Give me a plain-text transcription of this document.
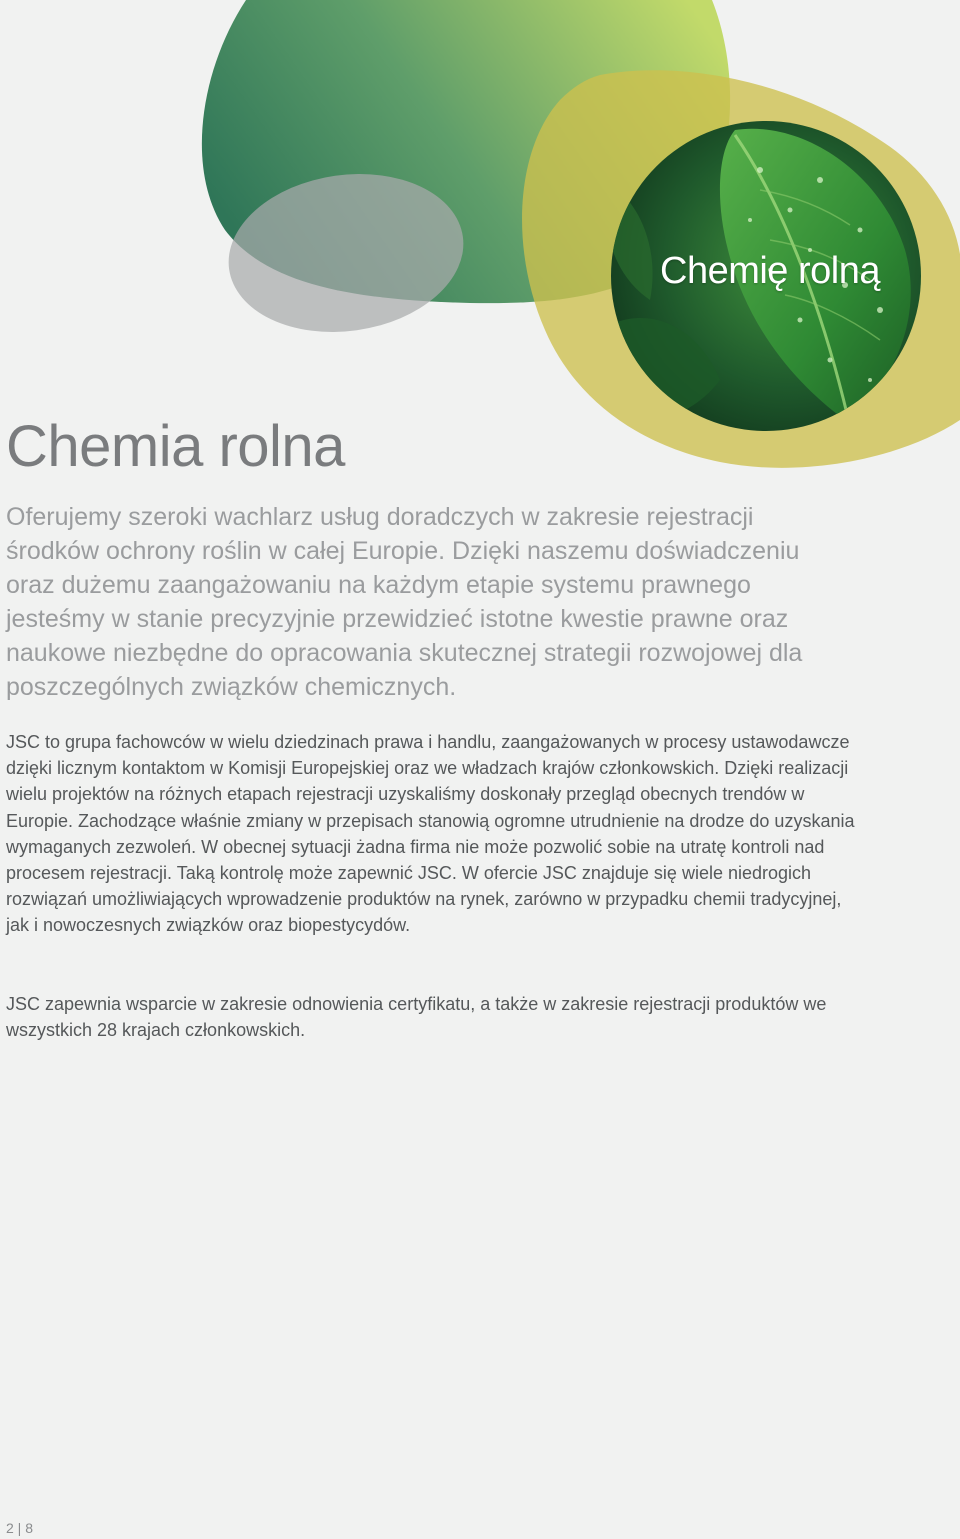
Chemię rolną
Chemia rolna

Oferujemy szeroki wachlarz usług doradczych w zakresie rejestracji środków ochrony roślin w całej Europie. Dzięki naszemu doświadczeniu oraz dużemu zaangażowaniu na każdym etapie systemu prawnego jesteśmy w stanie precyzyjnie przewidzieć istotne kwestie prawne oraz naukowe niezbędne do opracowania skutecznej strategii rozwojowej dla poszczególnych związków chemicznych.

JSC to grupa fachowców w wielu dziedzinach prawa i handlu, zaangażowanych w procesy ustawodawcze dzięki licznym kontaktom w Komisji Europejskiej oraz we władzach krajów członkowskich. Dzięki realizacji wielu projektów na różnych etapach rejestracji uzyskaliśmy doskonały przegląd obecnych trendów w Europie. Zachodzące właśnie zmiany w przepisach stanowią ogromne utrudnienie na drodze do uzyskania wymaganych zezwoleń. W obecnej sytuacji żadna firma nie może pozwolić sobie na utratę kontroli nad procesem rejestracji. Taką kontrolę może zapewnić JSC. W ofercie JSC znajduje się wiele niedrogich rozwiązań umożliwiających wprowadzenie produktów na rynek, zarówno w przypadku chemii tradycyjnej, jak i nowoczesnych związków oraz biopestycydów.

JSC zapewnia wsparcie w zakresie odnowienia certyfikatu, a także w zakresie rejestracji produktów we wszystkich 28 krajach członkowskich.

2 | 8
